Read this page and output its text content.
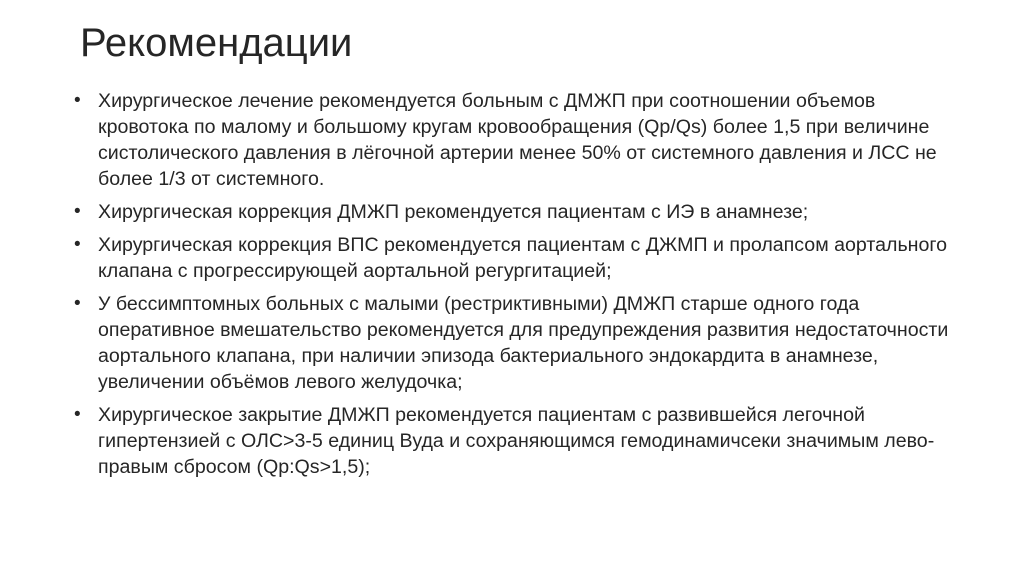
Рекомендации
• Хирургическое лечение рекомендуется больным с ДМЖП при соотношении объемов кровотока по малому и большому кругам кровообращения (Qp/Qs) более 1,5 при величине систолического давления в лёгочной артерии менее 50% от системного давления и ЛСС не более 1/3 от системного.
• Хирургическая коррекция ДМЖП рекомендуется пациентам с ИЭ в анамнезе;
• Хирургическая коррекция ВПС рекомендуется пациентам с ДЖМП и пролапсом аортального клапана с прогрессирующей аортальной регургитацией;
• У бессимптомных больных с малыми (рестриктивными) ДМЖП старше одного года оперативное вмешательство рекомендуется для предупреждения развития недостаточности аортального клапана, при наличии эпизода бактериального эндокардита в анамнезе, увеличении объёмов левого желудочка;
• Хирургическое закрытие ДМЖП рекомендуется пациентам с развившейся легочной гипертензией с ОЛС>3-5 единиц Вуда и сохраняющимся гемодинамичсеки значимым лево-правым сбросом (Qp:Qs>1,5);
